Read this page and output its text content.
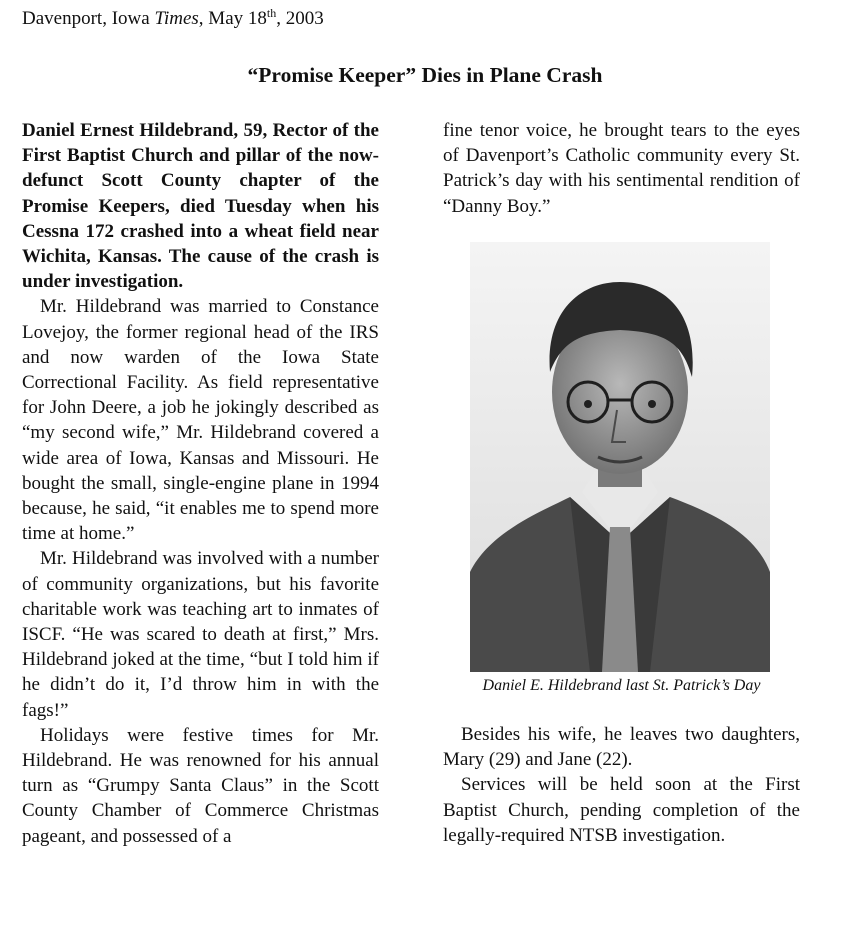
Davenport, Iowa Times, May 18th, 2003
“Promise Keeper” Dies in Plane Crash

Daniel Ernest Hildebrand, 59, Rector of the First Baptist Church and pillar of the now-defunct Scott County chapter of the Promise Keepers, died Tuesday when his Cessna 172 crashed into a wheat field near Wichita, Kansas. The cause of the crash is under investigation.

Mr. Hildebrand was married to Constance Lovejoy, the former regional head of the IRS and now warden of the Iowa State Correctional Facility. As field representative for John Deere, a job he jokingly described as “my second wife,” Mr. Hildebrand covered a wide area of Iowa, Kansas and Missouri. He bought the small, single-engine plane in 1994 because, he said, “it enables me to spend more time at home.”

Mr. Hildebrand was involved with a number of community organizations, but his favorite charitable work was teaching art to inmates of ISCF. “He was scared to death at first,” Mrs. Hildebrand joked at the time, “but I told him if he didn’t do it, I’d throw him in with the fags!”

Holidays were festive times for Mr. Hildebrand. He was renowned for his annual turn as “Grumpy Santa Claus” in the Scott County Chamber of Commerce Christmas pageant, and possessed of a

fine tenor voice, he brought tears to the eyes of Davenport’s Catholic community every St. Patrick’s day with his sentimental rendition of “Danny Boy.”

Daniel E. Hildebrand last St. Patrick’s Day

Besides his wife, he leaves two daughters, Mary (29) and Jane (22).

Services will be held soon at the First Baptist Church, pending completion of the legally-required NTSB investigation.
